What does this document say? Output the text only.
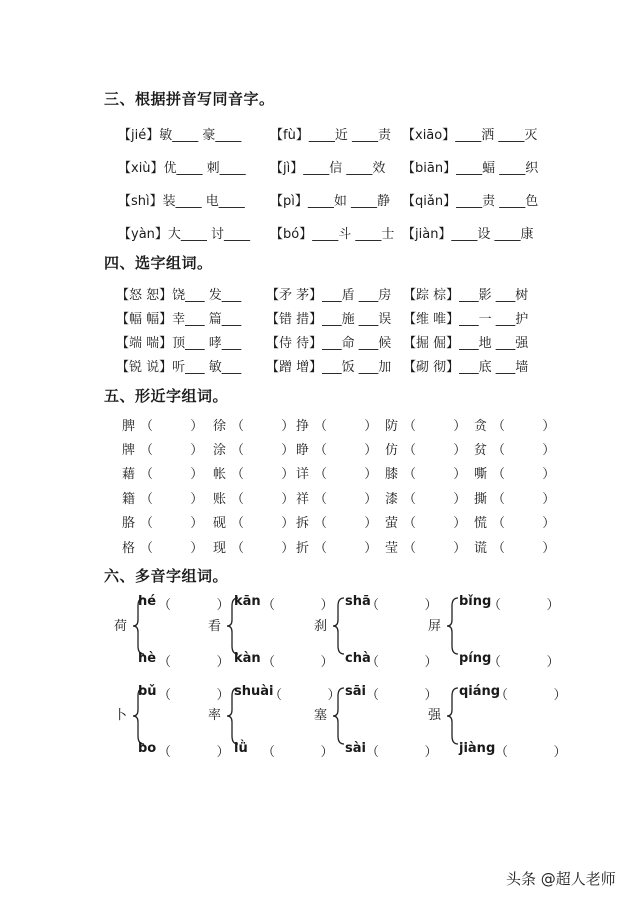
三、根据拼音写同音字。
【jié】敏____ 豪____ 【fù】____近 ____责 【xiāo】____洒 ____灭
【xiù】优____ 刺____ 【jì】____信 ____效 【biān】____蝠 ____织
【shì】装____ 电____ 【pì】____如 ____静 【qiǎn】____责 ____色
【yàn】大____ 讨____ 【bó】____斗 ____士 【jiàn】____设 ____康
四、选字组词。
【怒 恕】饶___ 发___ 【矛 茅】___盾 ___房 【踪 棕】___影 ___树
【幅 幅】幸___ 篇___ 【错 措】___施 ___误 【维 唯】___一 ___护
【端 喘】顶___ 哮___ 【侍 待】___命 ___候 【掘 倔】___地 ___强
【锐 说】听___ 敏___ 【蹭 增】___饭 ___加 【砌 彻】___底 ___墙
五、形近字组词。
脾 （         ） 徐 （         ） 挣 （         ） 防 （         ） 贪 （         ）
牌 （         ） 涂 （         ） 睁 （         ） 仿 （         ） 贫 （         ）
藉 （         ） 帐 （         ） 详 （         ） 膝 （         ） 嘶 （         ）
籍 （         ） 账 （         ） 祥 （         ） 漆 （         ） 撕 （         ）
胳 （         ） 砚 （         ） 拆 （         ） 萤 （         ） 慌 （         ）
格 （         ） 现 （         ） 折 （         ） 莹 （         ） 谎 （         ）
六、多音字组词。
荷
hé （           ）
hè （           ）
看
kān （           ）
kàn （           ）
刹
shā
（           ）
chà
（           ）
屏
bǐng
（           ）
píng
（           ）
卜
bǔ （           ）
bo （           ）
率
shuài
（           ）
lǜ （           ）
塞
sāi （           ）
sài （           ）
强
qiáng
（           ）
jiàng （           ）
头条 @超人老师
